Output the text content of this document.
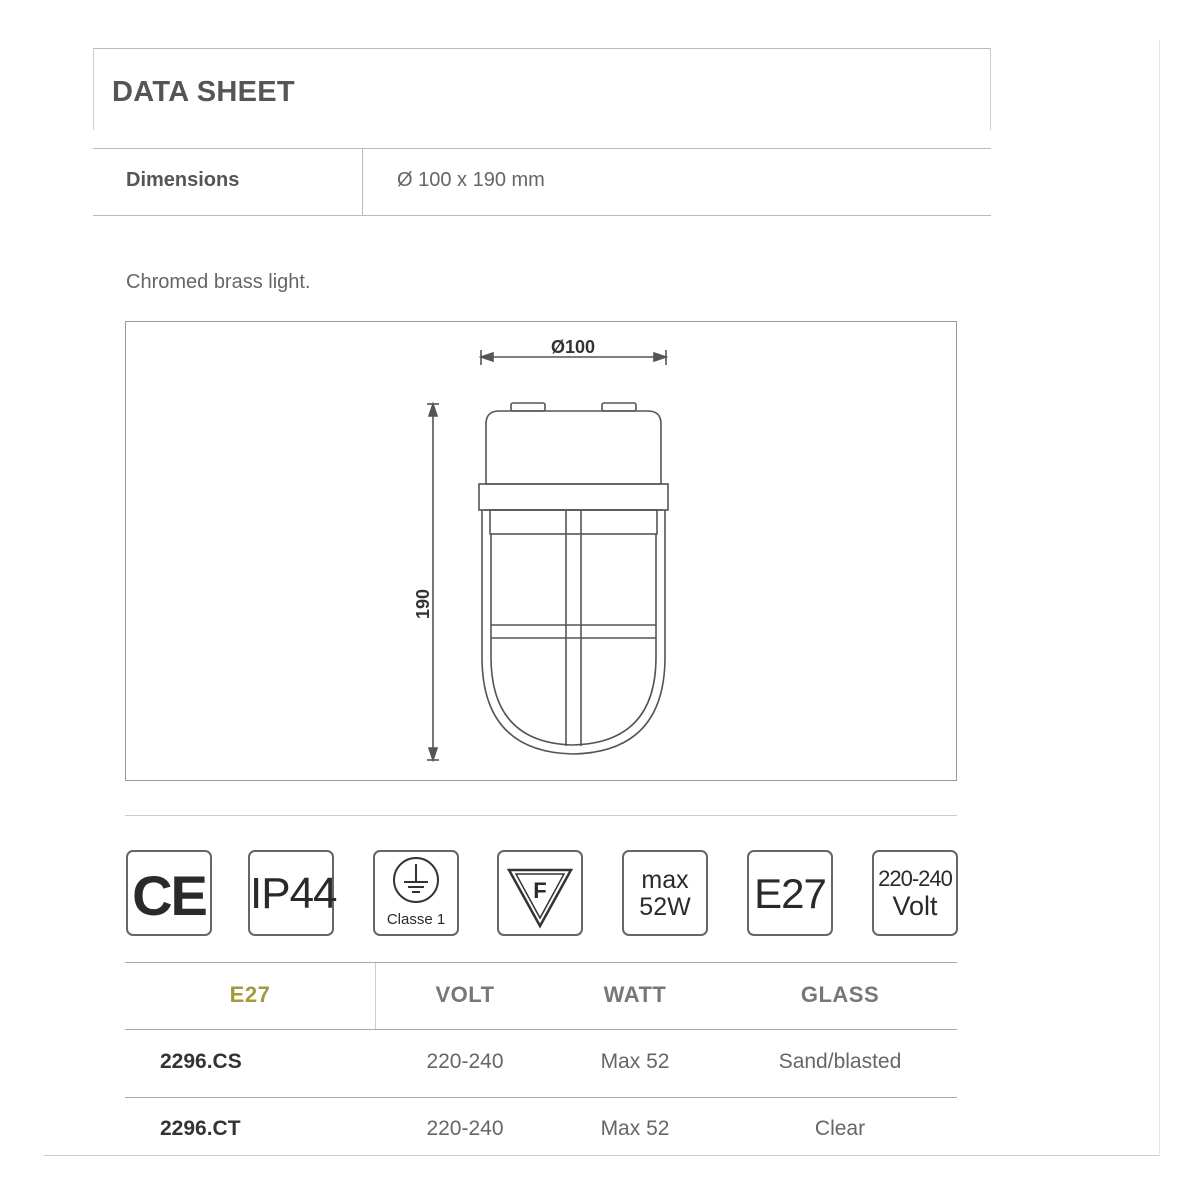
DATA SHEET
Dimensions	Ø 100 x 190 mm
Chromed brass light.
Ø100
190
CE IP44
Classe 1
F	max
52W	E27 220-240
Volt
E27	VOLT	WATT	GLASS
2296.CS	220-240	Max 52	Sand/blasted
2296.CT	220-240	Max 52	Clear
